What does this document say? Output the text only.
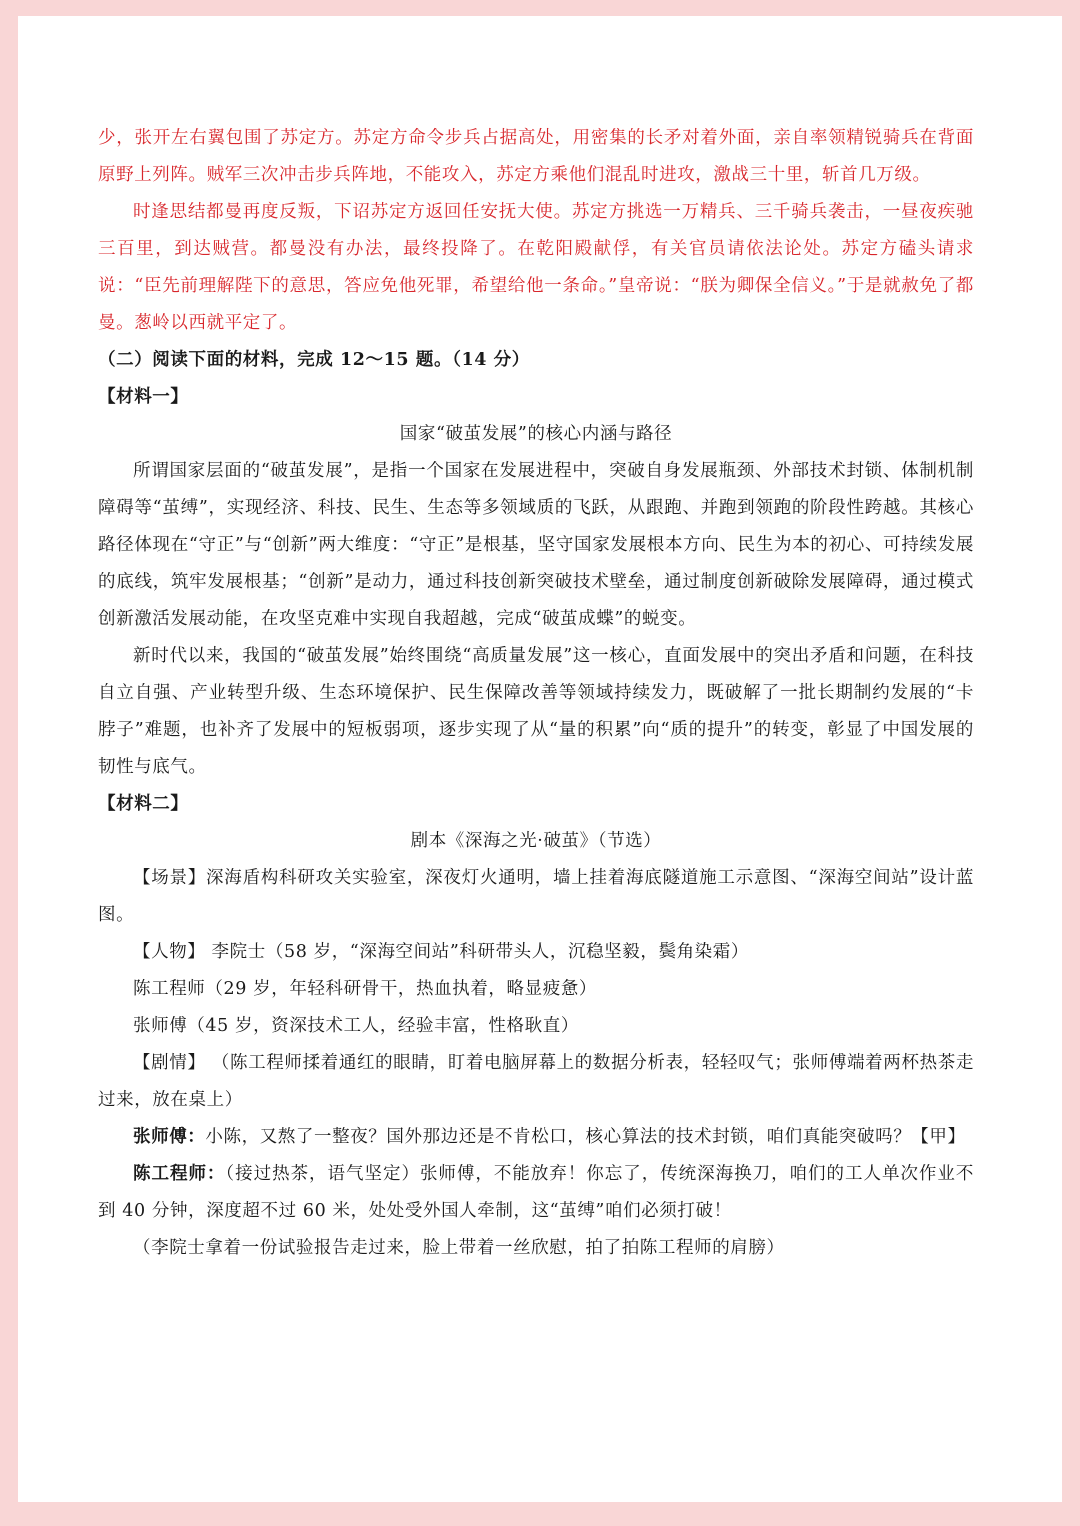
少，张开左右翼包围了苏定方。苏定方命令步兵占据高处，用密集的长矛对着外面，亲自率领精锐骑兵在背面原野上列阵。贼军三次冲击步兵阵地，不能攻入，苏定方乘他们混乱时进攻，激战三十里，斩首几万级。

时逢思结都曼再度反叛，下诏苏定方返回任安抚大使。苏定方挑选一万精兵、三千骑兵袭击，一昼夜疾驰三百里，到达贼营。都曼没有办法，最终投降了。在乾阳殿献俘，有关官员请依法论处。苏定方磕头请求说：“臣先前理解陛下的意思，答应免他死罪，希望给他一条命。”皇帝说：“朕为卿保全信义。”于是就赦免了都曼。葱岭以西就平定了。

（二）阅读下面的材料，完成 12～15 题。（14 分）

【材料一】

国家“破茧发展”的核心内涵与路径

所谓国家层面的“破茧发展”，是指一个国家在发展进程中，突破自身发展瓶颈、外部技术封锁、体制机制障碍等“茧缚”，实现经济、科技、民生、生态等多领域质的飞跃，从跟跑、并跑到领跑的阶段性跨越。其核心路径体现在“守正”与“创新”两大维度：“守正”是根基，坚守国家发展根本方向、民生为本的初心、可持续发展的底线，筑牢发展根基；“创新”是动力，通过科技创新突破技术壁垒，通过制度创新破除发展障碍，通过模式创新激活发展动能，在攻坚克难中实现自我超越，完成“破茧成蝶”的蜕变。

新时代以来，我国的“破茧发展”始终围绕“高质量发展”这一核心，直面发展中的突出矛盾和问题，在科技自立自强、产业转型升级、生态环境保护、民生保障改善等领域持续发力，既破解了一批长期制约发展的“卡脖子”难题，也补齐了发展中的短板弱项，逐步实现了从“量的积累”向“质的提升”的转变，彰显了中国发展的韧性与底气。

【材料二】

剧本《深海之光·破茧》（节选）

【场景】深海盾构科研攻关实验室，深夜灯火通明，墙上挂着海底隧道施工示意图、“深海空间站”设计蓝图。

【人物】 李院士（58 岁，“深海空间站”科研带头人，沉稳坚毅，鬓角染霜）

陈工程师（29 岁，年轻科研骨干，热血执着，略显疲惫）

张师傅（45 岁，资深技术工人，经验丰富，性格耿直）

【剧情】 （陈工程师揉着通红的眼睛，盯着电脑屏幕上的数据分析表，轻轻叹气；张师傅端着两杯热茶走过来，放在桌上）

张师傅：小陈，又熬了一整夜？国外那边还是不肯松口，核心算法的技术封锁，咱们真能突破吗？【甲】

陈工程师：（接过热茶，语气坚定）张师傅，不能放弃！你忘了，传统深海换刀，咱们的工人单次作业不到 40 分钟，深度超不过 60 米，处处受外国人牵制，这“茧缚”咱们必须打破！

（李院士拿着一份试验报告走过来，脸上带着一丝欣慰，拍了拍陈工程师的肩膀）
